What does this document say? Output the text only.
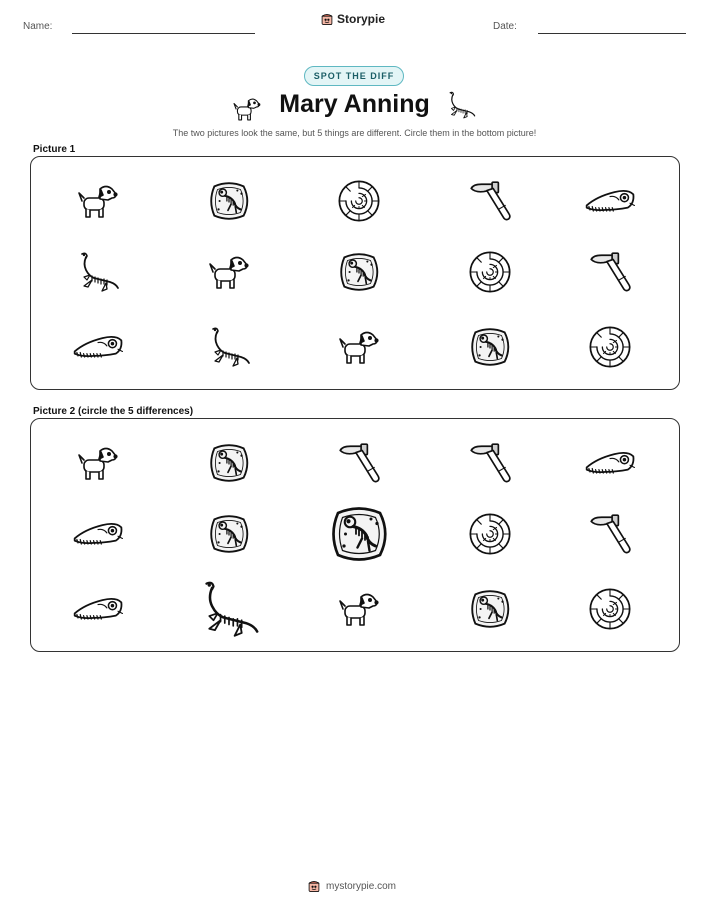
Name:
Storypie
Date:
SPOT THE DIFF
Mary Anning
The two pictures look the same, but 5 things are different. Circle them in the bottom picture!
Picture 1
Picture 2 (circle the 5 differences)
mystorypie.com
